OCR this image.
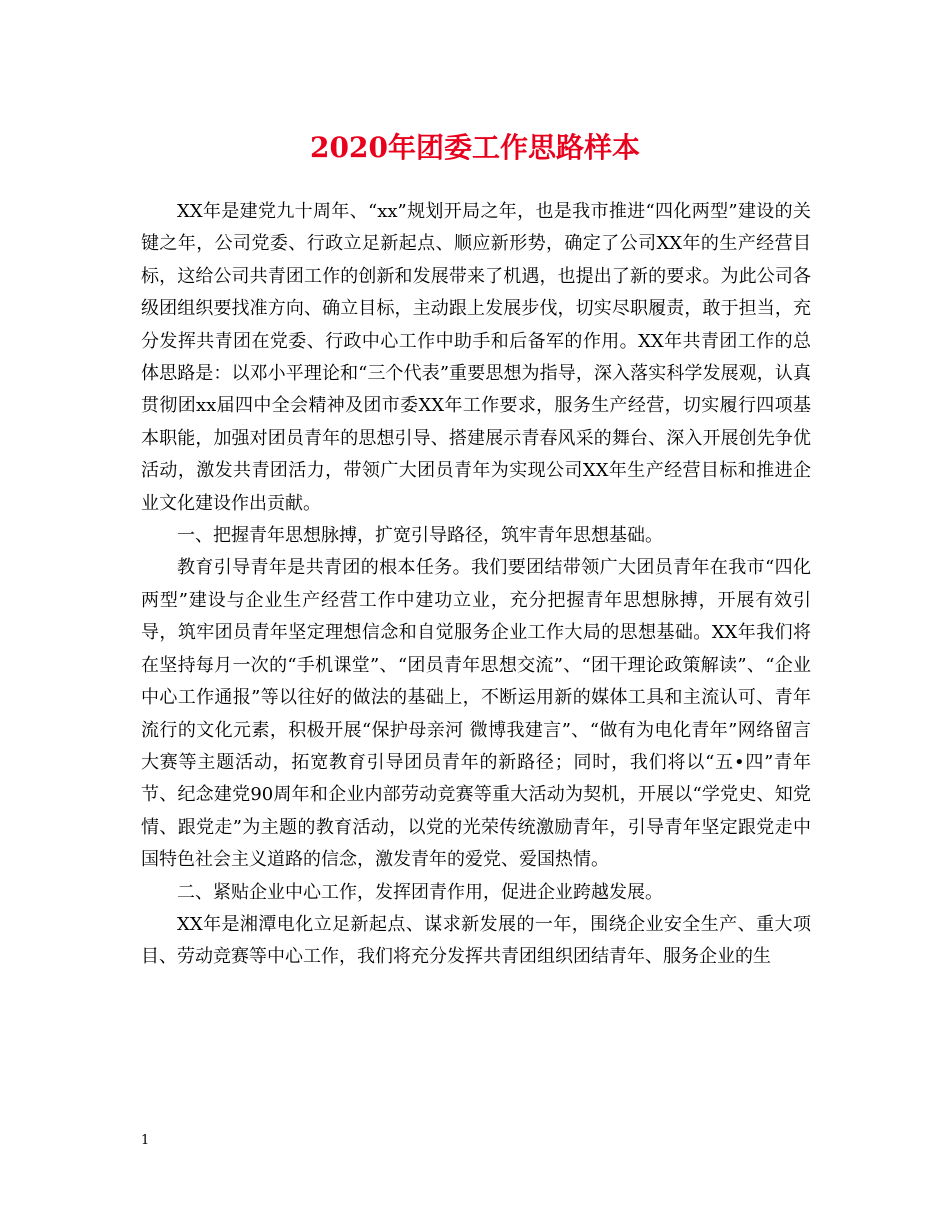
2020年团委工作思路样本

XX年是建党九十周年、“xx”规划开局之年，也是我市推进“四化两型”建设的关键之年，公司党委、行政立足新起点、顺应新形势，确定了公司XX年的生产经营目标，这给公司共青团工作的创新和发展带来了机遇，也提出了新的要求。为此公司各级团组织要找准方向、确立目标，主动跟上发展步伐，切实尽职履责，敢于担当，充分发挥共青团在党委、行政中心工作中助手和后备军的作用。XX年共青团工作的总体思路是：以邓小平理论和“三个代表”重要思想为指导，深入落实科学发展观，认真贯彻团xx届四中全会精神及团市委XX年工作要求，服务生产经营，切实履行四项基本职能，加强对团员青年的思想引导、搭建展示青春风采的舞台、深入开展创先争优活动，激发共青团活力，带领广大团员青年为实现公司XX年生产经营目标和推进企业文化建设作出贡献。

一、把握青年思想脉搏，扩宽引导路径，筑牢青年思想基础。

教育引导青年是共青团的根本任务。我们要团结带领广大团员青年在我市“四化两型”建设与企业生产经营工作中建功立业，充分把握青年思想脉搏，开展有效引导，筑牢团员青年坚定理想信念和自觉服务企业工作大局的思想基础。XX年我们将在坚持每月一次的“手机课堂”、“团员青年思想交流”、“团干理论政策解读”、“企业中心工作通报”等以往好的做法的基础上，不断运用新的媒体工具和主流认可、青年流行的文化元素，积极开展“保护母亲河 微博我建言”、“做有为电化青年”网络留言大赛等主题活动，拓宽教育引导团员青年的新路径；同时，我们将以“五•四”青年节、纪念建党90周年和企业内部劳动竞赛等重大活动为契机，开展以“学党史、知党情、跟党走”为主题的教育活动，以党的光荣传统激励青年，引导青年坚定跟党走中国特色社会主义道路的信念，激发青年的爱党、爱国热情。

二、紧贴企业中心工作，发挥团青作用，促进企业跨越发展。

XX年是湘潭电化立足新起点、谋求新发展的一年，围绕企业安全生产、重大项目、劳动竞赛等中心工作，我们将充分发挥共青团组织团结青年、服务企业的生

1
